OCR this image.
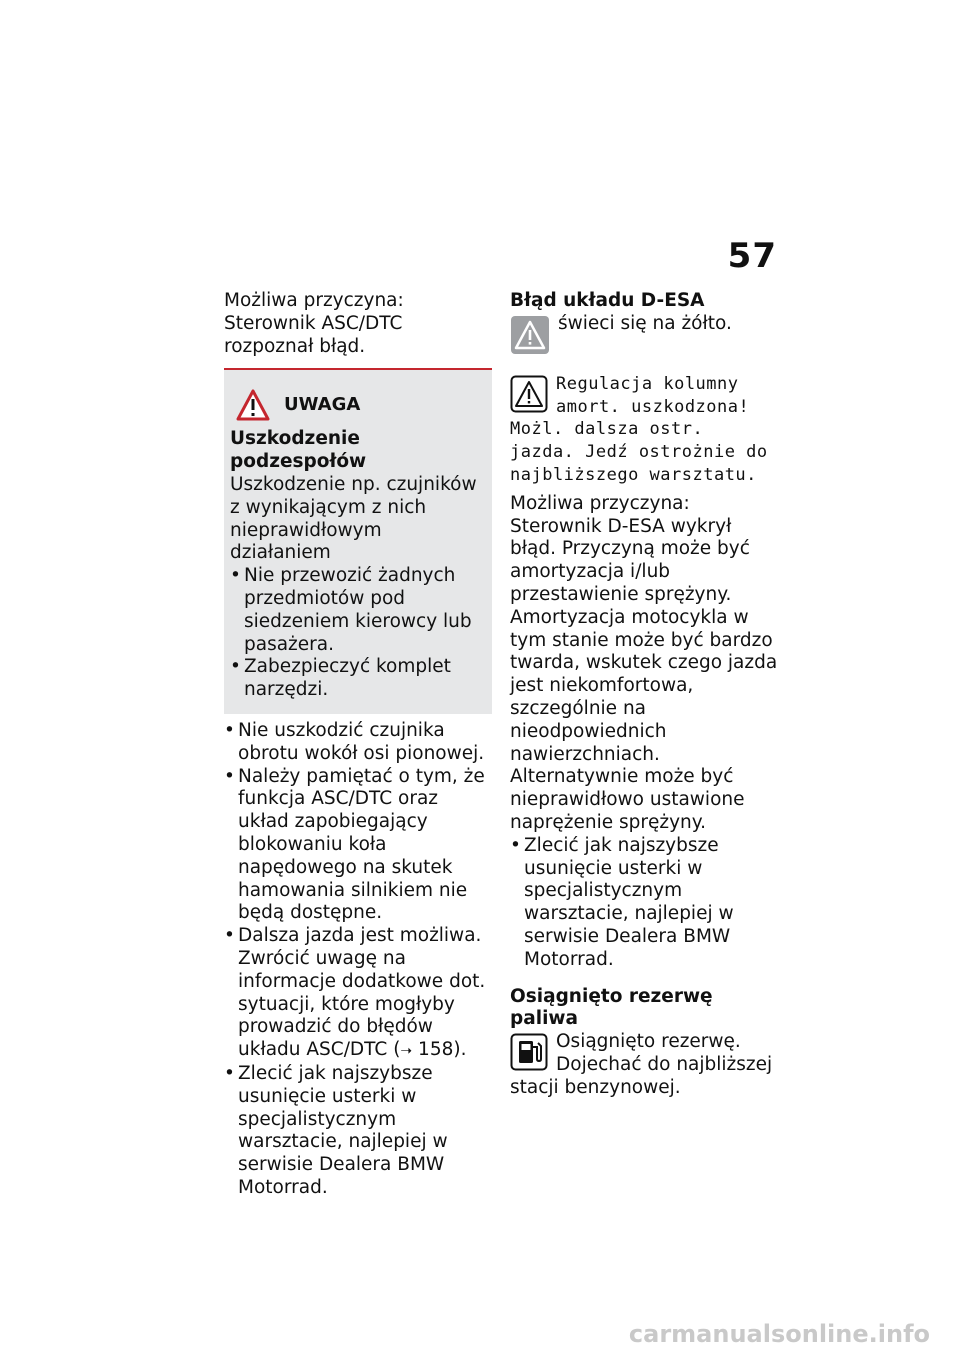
57

Możliwa przyczyna:

Sterownik ASC/DTC rozpoznał błąd.

UWAGA

Uszkodzenie podzespołów

Uszkodzenie np. czujników z wynikającym z nich nieprawidłowym działaniem

• Nie przewozić żadnych przedmiotów pod siedzeniem kierowcy lub pasażera.
• Zabezpieczyć komplet narzędzi.
• Nie uszkodzić czujnika obrotu wokół osi pionowej.
• Należy pamiętać o tym, że funkcja ASC/DTC oraz układ zapobiegający blokowaniu koła napędowego na skutek hamowania silnikiem nie będą dostępne.
• Dalsza jazda jest możliwa. Zwrócić uwagę na informacje dodatkowe dot. sytuacji, które mogłyby prowadzić do błędów układu ASC/DTC (➝ 158).
• Zlecić jak najszybsze usunięcie usterki w specjalistycznym warsztacie, najlepiej w serwisie Dealera BMW Motorrad.

Błąd układu D-ESA

świeci się na żółto.
Regulacja kolumny amort. uszkodzona! Możl. dalsza ostr. jazda. Jedź ostrożnie do najbliższego warsztatu.

Możliwa przyczyna:

Sterownik D-ESA wykrył błąd. Przyczyną może być amortyzacja i/lub przestawienie sprężyny. Amortyzacja motocykla w tym stanie może być bardzo twarda, wskutek czego jazda jest niekomfortowa, szczególnie na nieodpowiednich nawierzchniach. Alternatywnie może być nieprawidłowo ustawione naprężenie sprężyny.

• Zlecić jak najszybsze usunięcie usterki w specjalistycznym warsztacie, najlepiej w serwisie Dealera BMW Motorrad.

Osiągnięto rezerwę paliwa

Osiągnięto rezerwę. Dojechać do najbliższej stacji benzynowej.
carmanualsonline.info
